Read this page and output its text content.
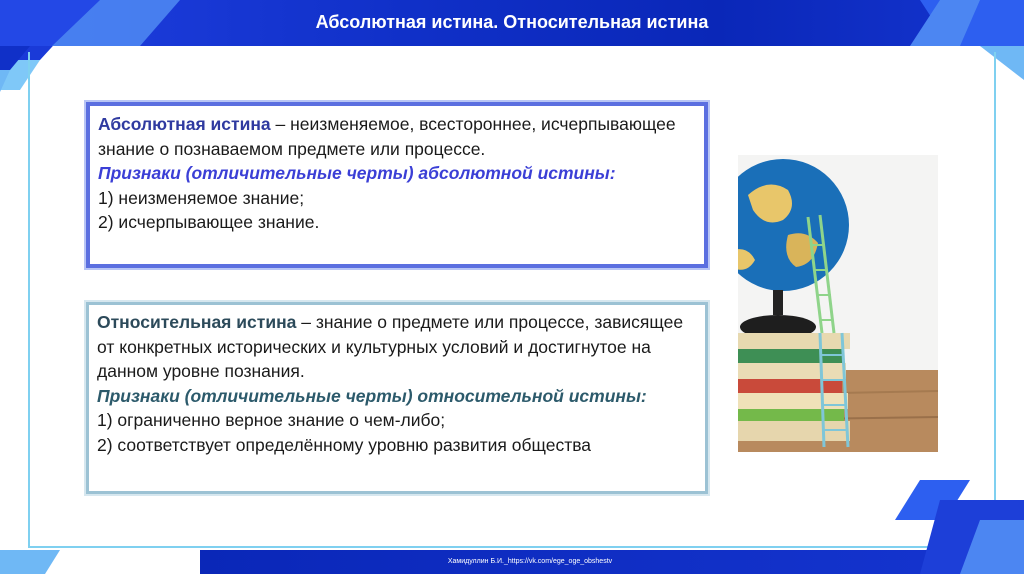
Абсолютная истина. Относительная истина
Абсолютная истина – неизменяемое, всестороннее, исчерпывающее знание о познаваемом предмете или процессе.
Признаки (отличительные черты) абсолютной истины:
1) неизменяемое знание;
2) исчерпывающее знание.
Относительная истина – знание о предмете или процессе, зависящее от конкретных исторических и культурных условий и достигнутое на данном уровне познания.
Признаки (отличительные черты) относительной истины:
1) ограниченно верное знание о чем-либо;
2) соответствует определённому уровню развития общества
Хамидуллин Б.И._https://vk.com/ege_oge_obshestv
